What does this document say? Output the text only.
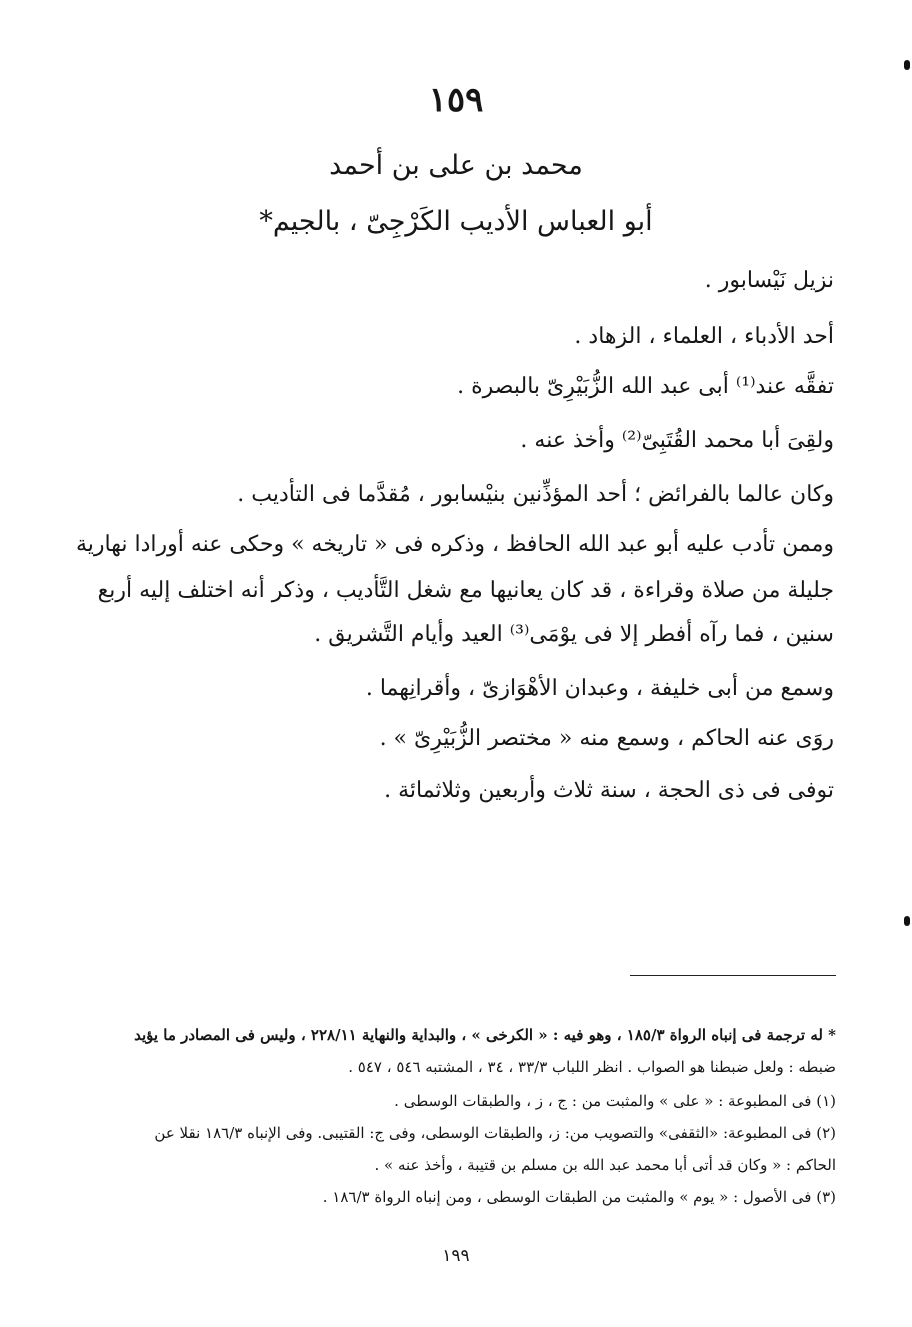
١٥٩
محمد بن على بن أحمد
أبو العباس الأديب الكَرْجِىّ ، بالجيم*
نزيل نَيْسابور .
أحد الأدباء ، العلماء ، الزهاد .
تفقَّه عند⁽¹⁾ أبى عبد الله الزُّبَيْرِىّ بالبصرة .
ولقِىَ أبا محمد القُتَبِىّ⁽²⁾ وأخذ عنه .
وكان عالما بالفرائض ؛ أحد المؤذِّنين بنيْسابور ، مُقدَّما فى التأديب .
وممن تأدب عليه أبو عبد الله الحافظ ، وذكره فى « تاريخه » وحكى عنه أورادا نهارية
جليلة من صلاة وقراءة ، قد كان يعانيها مع شغل التَّأديب ، وذكر أنه اختلف إليه أربع
سنين ، فما رآه أفطر إلا فى يوْمَى⁽³⁾ العيد وأيام التَّشريق .
وسمع من أبى خليفة ، وعبدان الأهْوَازىّ ، وأقرانِهما .
روَى عنه الحاكم ، وسمع منه « مختصر الزُّبَيْرِىّ » .
توفى فى ذى الحجة ، سنة ثلاث وأربعين وثلاثمائة .
* له ترجمة فى إنباه الرواة ١٨٥/٣ ، وهو فيه : « الكرخى » ، والبداية والنهاية ٢٢٨/١١ ، وليس فى المصادر ما يؤيد
ضبطه : ولعل ضبطنا هو الصواب . انظر اللباب ٣٣/٣ ، ٣٤ ، المشتبه ٥٤٦ ، ٥٤٧ .
(١) فى المطبوعة : « على » والمثبت من : ج ، ز ، والطبقات الوسطى .
(٢) فى المطبوعة: «الثقفى» والتصويب من: ز، والطبقات الوسطى، وفى ج: القتيبى. وفى الإنباه ١٨٦/٣ نقلا عن
الحاكم : « وكان قد أتى أبا محمد عبد الله بن مسلم بن قتيبة ، وأخذ عنه » .
(٣) فى الأصول : « يوم » والمثبت من الطبقات الوسطى ، ومن إنباه الرواة ١٨٦/٣ .
١٩٩
